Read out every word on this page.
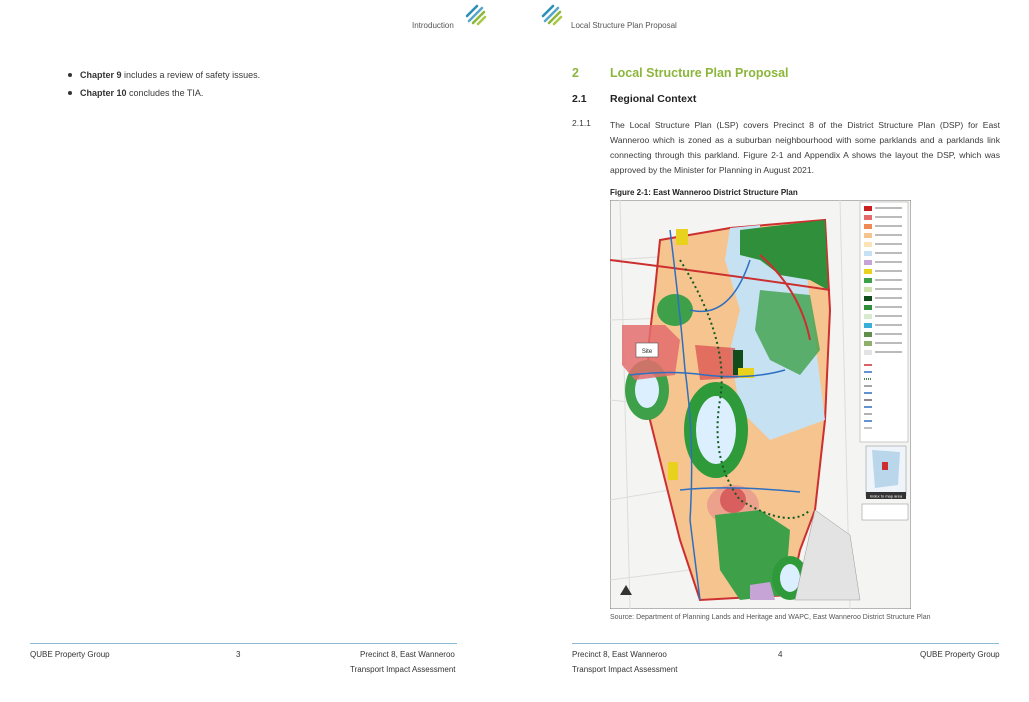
Introduction
Chapter 9 includes a review of safety issues.
Chapter 10 concludes the TIA.
QUBE Property Group	3	Precinct 8, East Wanneroo
Transport Impact Assessment
Local Structure Plan Proposal
2 Local Structure Plan Proposal
2.1 Regional Context
2.1.1 The Local Structure Plan (LSP) covers Precinct 8 of the District Structure Plan (DSP) for East Wanneroo which is zoned as a suburban neighbourhood with some parklands and a parklands link connecting through this parkland. Figure 2-1 and Appendix A shows the layout the DSP, which was approved by the Minister for Planning in August 2021.
Figure 2-1: East Wanneroo District Structure Plan
Site
Index to map area
Source: Department of Planning Lands and Heritage and WAPC, East Wanneroo District Structure Plan
Precinct 8, East Wanneroo	4	QUBE Property Group
Transport Impact Assessment
